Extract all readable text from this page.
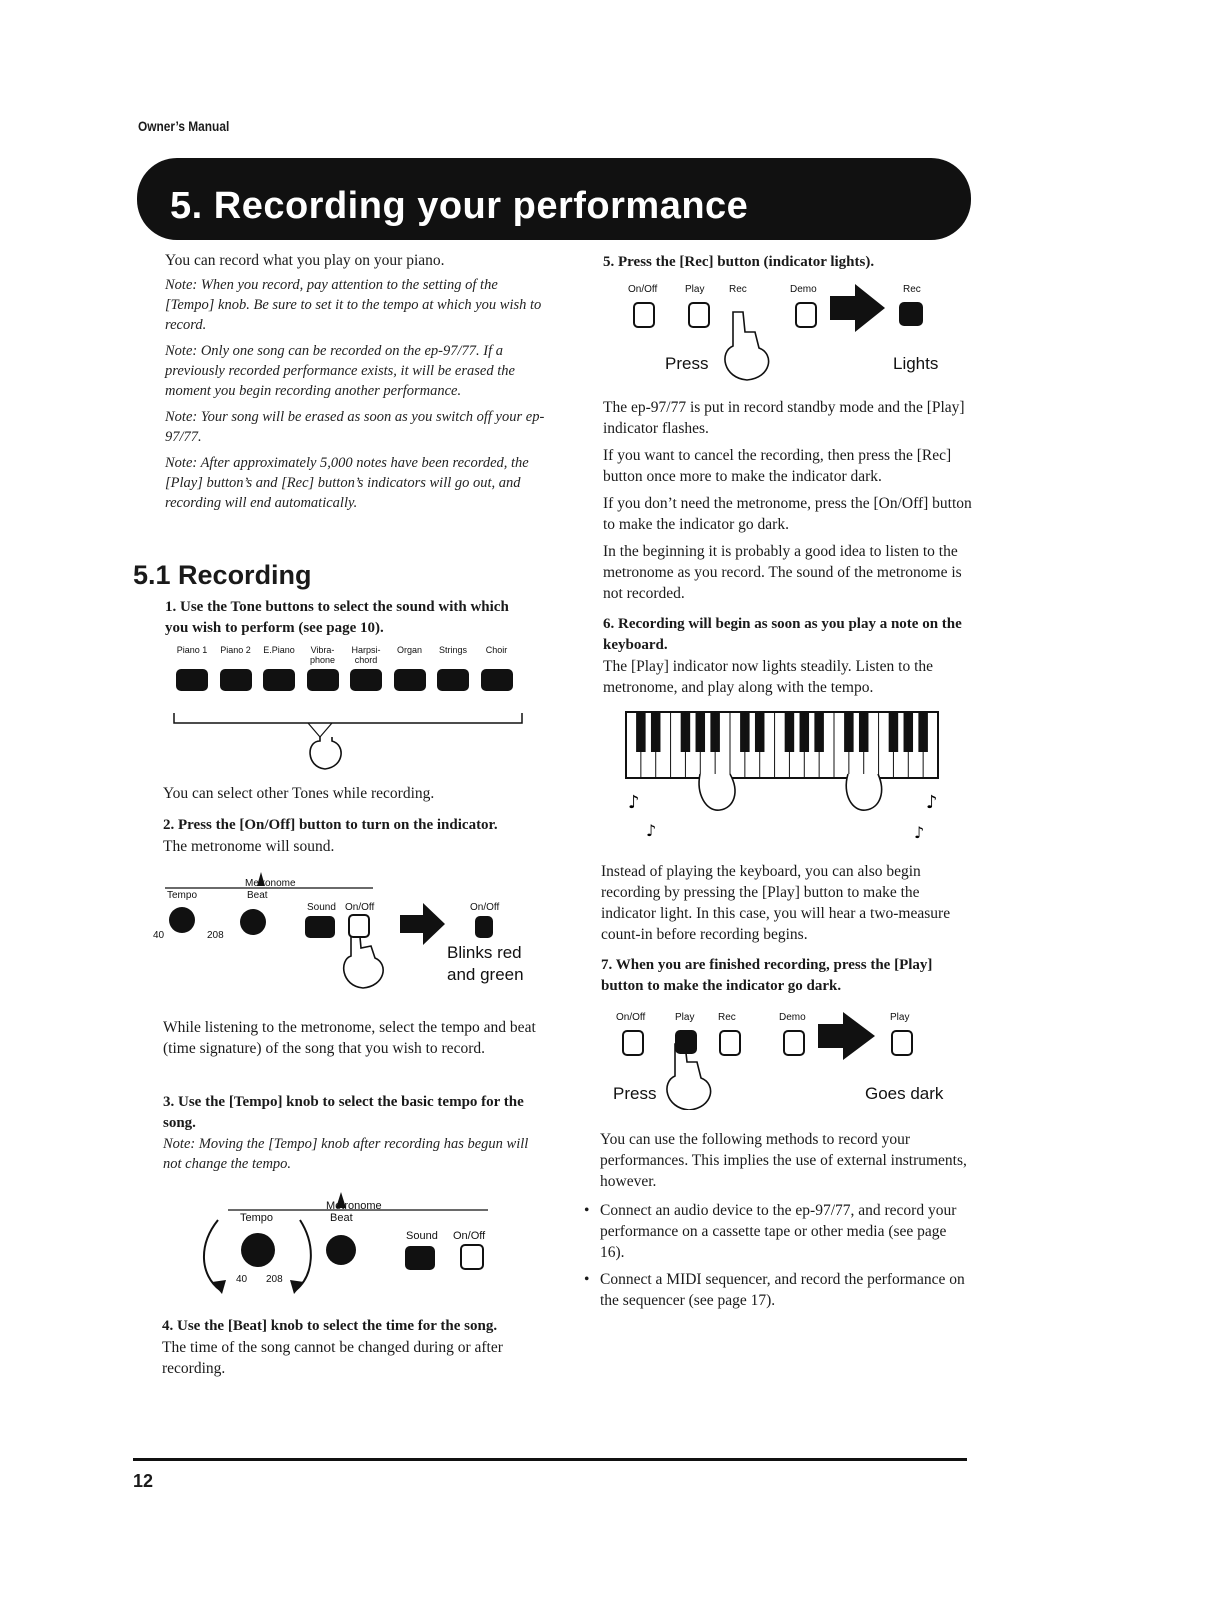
Owner’s Manual
5. Recording your performance

You can record what you play on your piano.

Note: When you record, pay attention to the setting of the [Tempo] knob. Be sure to set it to the tempo at which you wish to record.

Note: Only one song can be recorded on the ep-97/77. If a previously recorded performance exists, it will be erased the moment you begin recording another performance.

Note: Your song will be erased as soon as you switch off your ep-97/77.

Note: After approximately 5,000 notes have been recorded, the [Play] button’s and [Rec] button’s indicators will go out, and recording will end automatically.

5.1 Recording

1. Use the Tone buttons to select the sound with which you wish to perform (see page 10).

Piano 1	Piano 2	E.Piano	Vibra-phone
Harpsi-chord
Organ	Strings	Choir

You can select other Tones while recording.

2. Press the [On/Off] button to turn on the indicator.

The metronome will sound.

Metronome
Tempo	Beat
40	208
Sound On/Off	On/Off
Blinks red and green

While listening to the metronome, select the tempo and beat (time signature) of the song that you wish to record.

3. Use the [Tempo] knob to select the basic tempo for the song.

Note: Moving the [Tempo] knob after recording has begun will not change the tempo.

Metronome
Tempo	Beat
40 208
Sound On/Off

4. Use the [Beat] knob to select the time for the song.

The time of the song cannot be changed during or after recording.

5. Press the [Rec] button (indicator lights).

On/Off	Play Rec	Demo	Rec
Press	Lights

The ep-97/77 is put in record standby mode and the [Play] indicator flashes.

If you want to cancel the recording, then press the [Rec] button once more to make the indicator dark.

If you don’t need the metronome, press the [On/Off] button to make the indicator go dark.

In the beginning it is probably a good idea to listen to the metronome as you record. The sound of the metronome is not recorded.

6. Recording will begin as soon as you play a note on the keyboard.

The [Play] indicator now lights steadily. Listen to the metronome, and play along with the tempo.

♪
♪
♪
♪

Instead of playing the keyboard, you can also begin recording by pressing the [Play] button to make the indicator light. In this case, you will hear a two-measure count-in before recording begins.

7. When you are finished recording, press the [Play] button to make the indicator go dark.

On/Off	Play Rec	Demo	Play
Press	Goes dark

You can use the following methods to record your performances. This implies the use of external instruments, however.

• Connect an audio device to the ep-97/77, and record your performance on a cassette tape or other media (see page 16).
• Connect a MIDI sequencer, and record the performance on the sequencer (see page 17).
12
